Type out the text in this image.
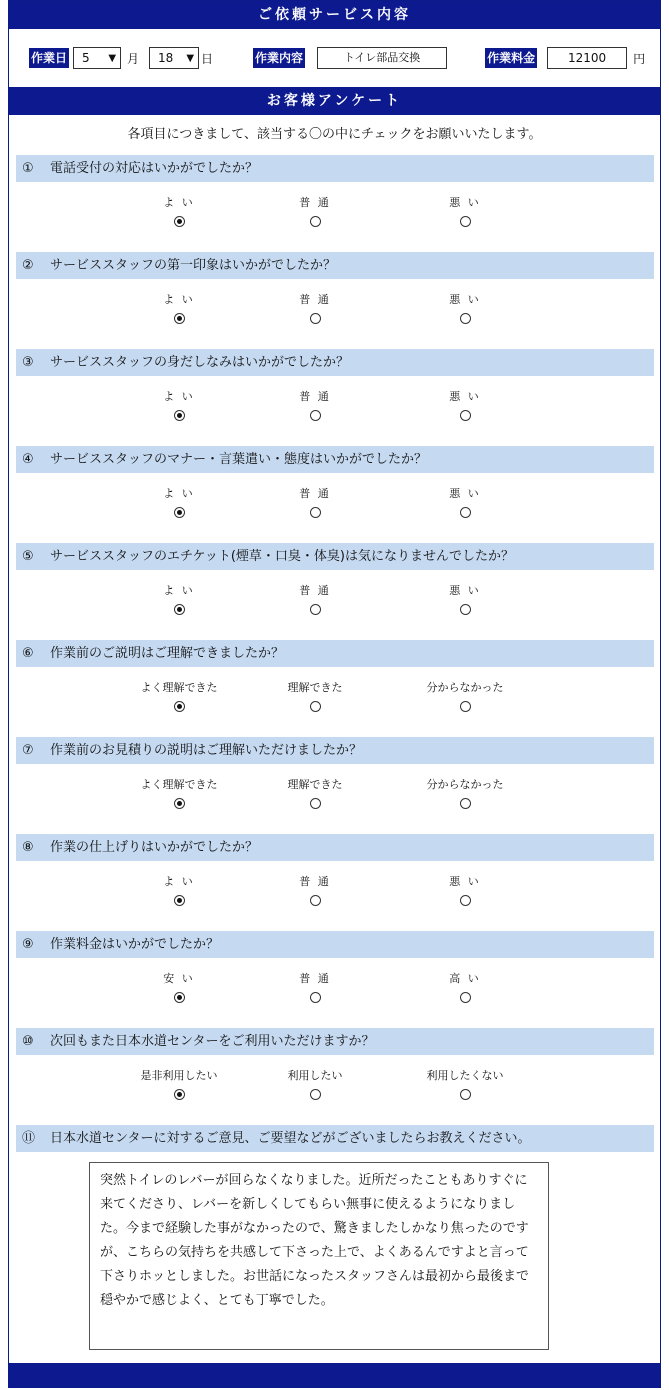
ご依頼サービス内容
作業日 5 ▼ 月 18 ▼ 日	作業内容	トイレ部品交換	作業料金	12100	円
お客様アンケート
各項目につきまして、該当する〇の中にチェックをお願いいたします。
① 電話受付の対応はいかがでしたか？
よ い	普 通	悪 い
② サービススタッフの第一印象はいかがでしたか？
よ い	普 通	悪 い
③ サービススタッフの身だしなみはいかがでしたか？
よ い	普 通	悪 い
④ サービススタッフのマナー・言葉遣い・態度はいかがでしたか？
よ い	普 通	悪 い
⑤ サービススタッフのエチケット(煙草・口臭・体臭)は気になりませんでしたか？
よ い	普 通	悪 い
⑥ 作業前のご説明はご理解できましたか？
よく理解できた	理解できた	分からなかった
⑦ 作業前のお見積りの説明はご理解いただけましたか？
よく理解できた	理解できた	分からなかった
⑧ 作業の仕上げりはいかがでしたか？
よ い	普 通	悪 い
⑨ 作業料金はいかがでしたか？
安 い	普 通	高 い
⑩ 次回もまた日本水道センターをご利用いただけますか？
是非利用したい	利用したい	利用したくない
⑪ 日本水道センターに対するご意見、ご要望などがございましたらお教えください。
突然トイレのレバーが回らなくなりました。近所だったこともありすぐに来てくださり、レバーを新しくしてもらい無事に使えるようになりました。今まで経験した事がなかったので、驚きましたしかなり焦ったのですが、こちらの気持ちを共感して下さった上で、よくあるんですよと言って下さりホッとしました。お世話になったスタッフさんは最初から最後まで穏やかで感じよく、とても丁寧でした。
